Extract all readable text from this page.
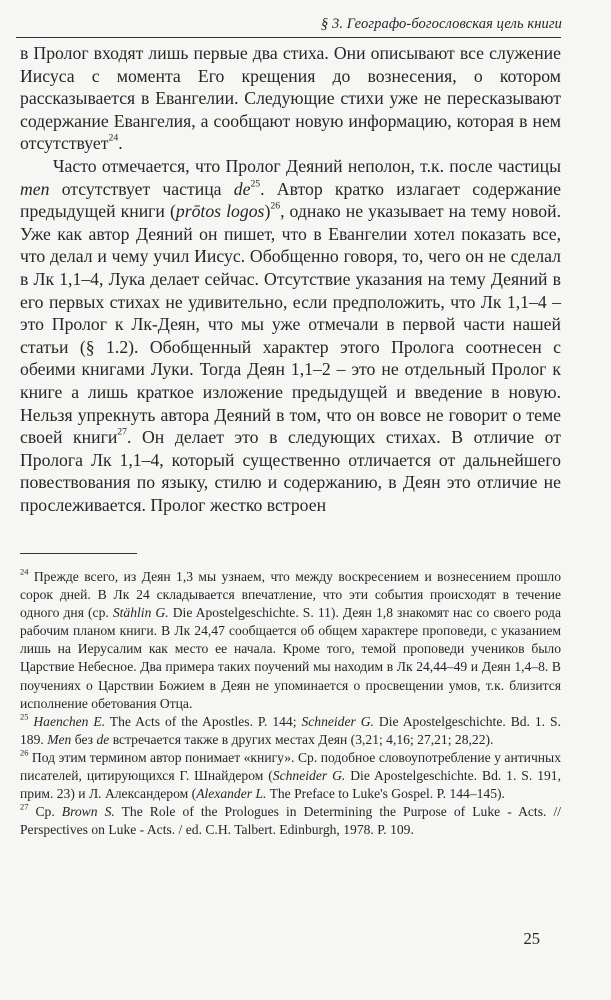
§ 3. Географо-богословская цель книги

в Пролог входят лишь первые два стиха. Они описывают все служение Иисуса с момента Его крещения до вознесения, о котором рассказывается в Евангелии. Следующие стихи уже не пересказывают содержание Евангелия, а сообщают новую информацию, которая в нем отсутствует$^{24}$.

Часто отмечается, что Пролог Деяний неполон, т.к. после частицы men отсутствует частица $de^{25}$. Автор кратко излагает содержание предыдущей книги (prōtos logos)$^{26}$, однако не указывает на тему новой. Уже как автор Деяний он пишет, что в Евангелии хотел показать все, что делал и чему учил Иисус. Обобщенно говоря, то, чего он не сделал в Лк 1,1–4, Лука делает сейчас. Отсутствие указания на тему Деяний в его первых стихах не удивительно, если предположить, что Лк 1,1–4 – это Пролог к Лк-Деян, что мы уже отмечали в первой части нашей статьи (§ 1.2). Обобщенный характер этого Пролога соотнесен с обеими книгами Луки. Тогда Деян 1,1–2 – это не отдельный Пролог к книге а лишь краткое изложение предыдущей и введение в новую. Нельзя упрекнуть автора Деяний в том, что он вовсе не говорит о теме своей книги$^{27}$. Он делает это в следующих стихах. В отличие от Пролога Лк 1,1–4, который существенно отличается от дальнейшего повествования по языку, стилю и содержанию, в Деян это отличие не прослеживается. Пролог жестко встроен

$^{24}$ Прежде всего, из Деян 1,3 мы узнаем, что между воскресением и вознесением прошло сорок дней. В Лк 24 складывается впечатление, что эти события происходят в течение одного дня (ср. Stählin G. Die Apostelgeschichte. S. 11). Деян 1,8 знакомят нас со своего рода рабочим планом книги. В Лк 24,47 сообщается об общем характере проповеди, с указанием лишь на Иерусалим как место ее начала. Кроме того, темой проповеди учеников было Царствие Небесное. Два примера таких поучений мы находим в Лк 24,44–49 и Деян 1,4–8. В поучениях о Царствии Божием в Деян не упоминается о просвещении умов, т.к. близится исполнение обетования Отца.

$^{25}$ Haenchen E. The Acts of the Apostles. P. 144; Schneider G. Die Apostelgeschichte. Bd. 1. S. 189. Men без de встречается также в других местах Деян (3,21; 4,16; 27,21; 28,22).

$^{26}$ Под этим термином автор понимает «книгу». Ср. подобное словоупотребление у античных писателей, цитирующихся Г. Шнайдером (Schneider G. Die Apostelgeschichte. Bd. 1. S. 191, прим. 23) и Л. Александером (Alexander L. The Preface to Luke's Gospel. P. 144–145).

$^{27}$ Ср. Brown S. The Role of the Prologues in Determining the Purpose of Luke - Acts. // Perspectives on Luke - Acts. / ed. C.H. Talbert. Edinburgh, 1978. P. 109.

25
